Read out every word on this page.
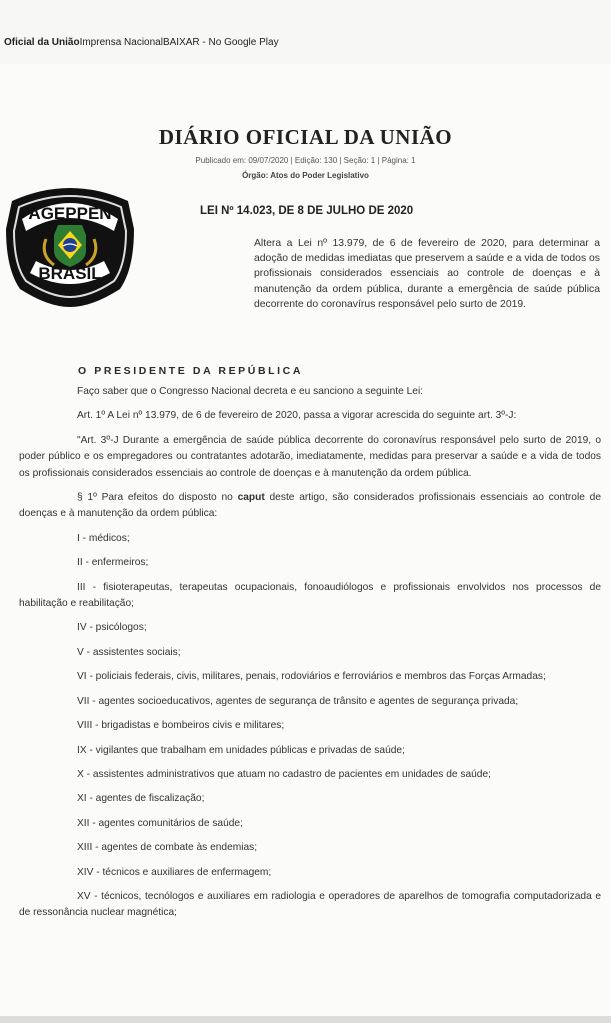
Oficial da UniãoImprensa NacionalBAIXAR - No Google Play
DIÁRIO OFICIAL DA UNIÃO
Publicado em: 09/07/2020 | Edição: 130 | Seção: 1 | Página: 1
Órgão: Atos do Poder Legislativo
AGEPPEN
BRASIL
LEI Nº 14.023, DE 8 DE JULHO DE 2020
Altera a Lei nº 13.979, de 6 de fevereiro de 2020, para determinar a adoção de medidas imediatas que preservem a saúde e a vida de todos os profissionais considerados essenciais ao controle de doenças e à manutenção da ordem pública, durante a emergência de saúde pública decorrente do coronavírus responsável pelo surto de 2019.
O PRESIDENTE DA REPÚBLICA

Faço saber que o Congresso Nacional decreta e eu sanciono a seguinte Lei:

Art. 1º A Lei nº 13.979, de 6 de fevereiro de 2020, passa a vigorar acrescida do seguinte art. 3º-J:

"Art. 3º-J Durante a emergência de saúde pública decorrente do coronavírus responsável pelo surto de 2019, o poder público e os empregadores ou contratantes adotarão, imediatamente, medidas para preservar a saúde e a vida de todos os profissionais considerados essenciais ao controle de doenças e à manutenção da ordem pública.

§ 1º Para efeitos do disposto no caput deste artigo, são considerados profissionais essenciais ao controle de doenças e à manutenção da ordem pública:

I - médicos;

II - enfermeiros;

III - fisioterapeutas, terapeutas ocupacionais, fonoaudiólogos e profissionais envolvidos nos processos de habilitação e reabilitação;

IV - psicólogos;

V - assistentes sociais;

VI - policiais federais, civis, militares, penais, rodoviários e ferroviários e membros das Forças Armadas;

VII - agentes socioeducativos, agentes de segurança de trânsito e agentes de segurança privada;

VIII - brigadistas e bombeiros civis e militares;

IX - vigilantes que trabalham em unidades públicas e privadas de saúde;

X - assistentes administrativos que atuam no cadastro de pacientes em unidades de saúde;

XI - agentes de fiscalização;

XII - agentes comunitários de saúde;

XIII - agentes de combate às endemias;

XIV - técnicos e auxiliares de enfermagem;

XV - técnicos, tecnólogos e auxiliares em radiologia e operadores de aparelhos de tomografia computadorizada e de ressonância nuclear magnética;
